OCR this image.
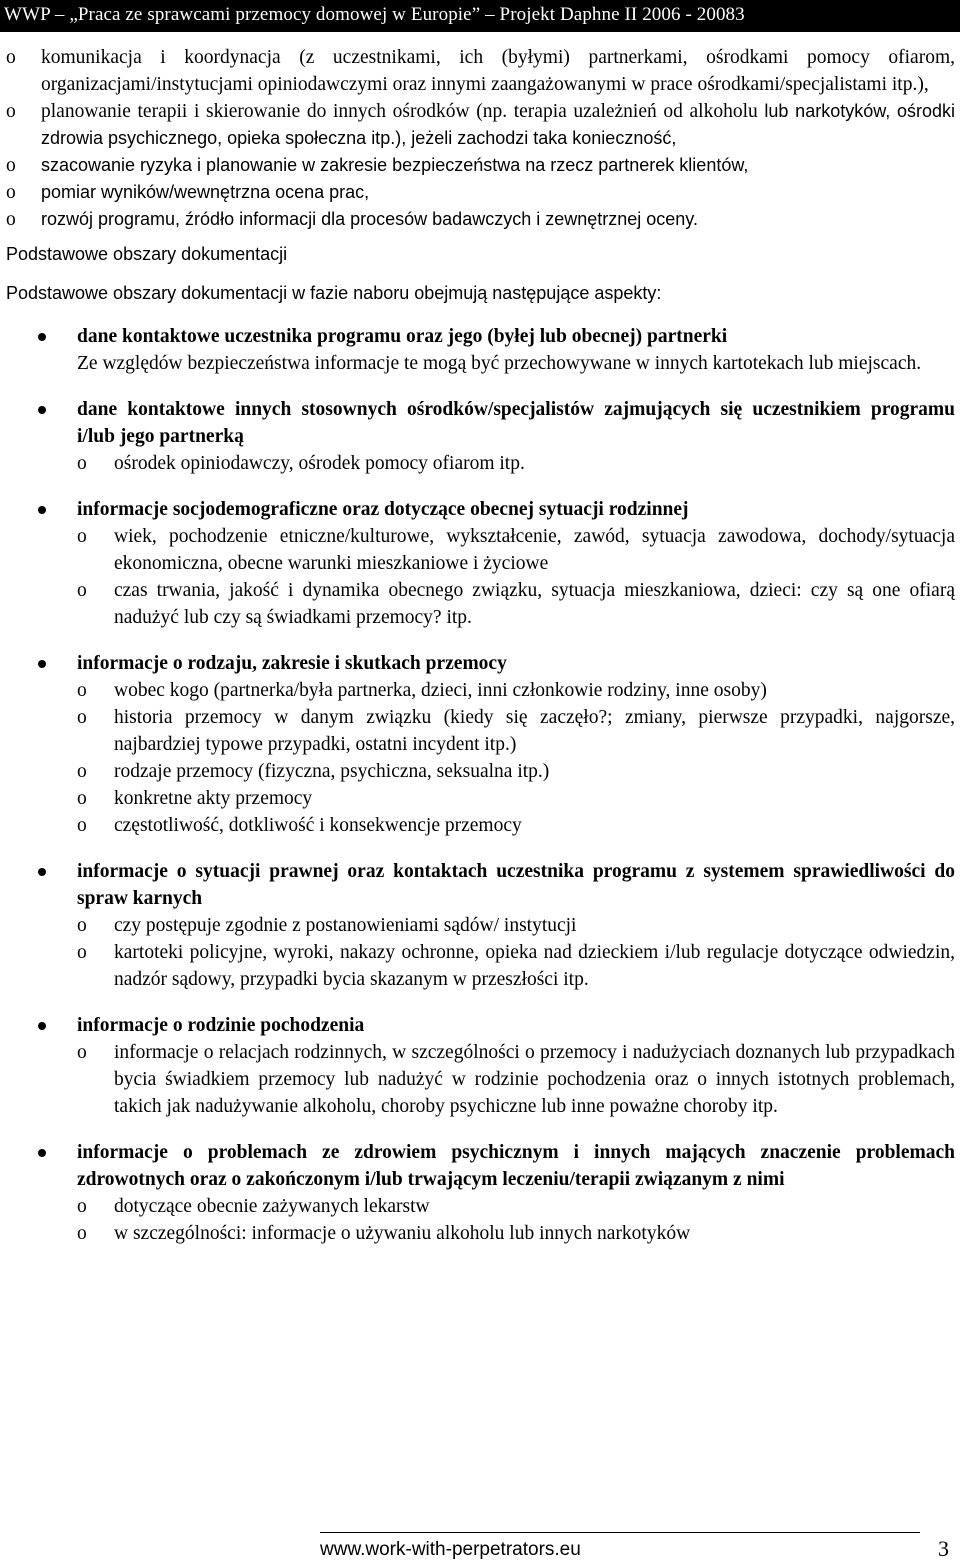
WWP – „Praca ze sprawcami przemocy domowej w Europie” – Projekt Daphne II 2006 - 20083
o	komunikacja i koordynacja (z uczestnikami, ich (byłymi) partnerkami, ośrodkami pomocy ofiarom, organizacjami/instytucjami opiniodawczymi oraz innymi zaangażowanymi w prace ośrodkami/specjalistami itp.),
o	planowanie terapii i skierowanie do innych ośrodków (np. terapia uzależnień od alkoholu lub narkotyków, ośrodki zdrowia psychicznego, opieka społeczna itp.), jeżeli zachodzi taka konieczność,
o	szacowanie ryzyka i planowanie w zakresie bezpieczeństwa na rzecz partnerek klientów,
o	pomiar wyników/wewnętrzna ocena prac,
o	rozwój programu, źródło informacji dla procesów badawczych i zewnętrznej oceny.
Podstawowe obszary dokumentacji
Podstawowe obszary dokumentacji w fazie naboru obejmują następujące aspekty:
dane kontaktowe uczestnika programu oraz jego (byłej lub obecnej) partnerki
Ze względów bezpieczeństwa informacje te mogą być przechowywane w innych kartotekach lub miejscach.
dane kontaktowe innych stosownych ośrodków/specjalistów zajmujących się uczestnikiem programu i/lub jego partnerką
o	ośrodek opiniodawczy, ośrodek pomocy ofiarom itp.
informacje socjodemograficzne oraz dotyczące obecnej sytuacji rodzinnej
o	wiek, pochodzenie etniczne/kulturowe, wykształcenie, zawód, sytuacja zawodowa, dochody/sytuacja ekonomiczna, obecne warunki mieszkaniowe i życiowe
o	czas trwania, jakość i dynamika obecnego związku, sytuacja mieszkaniowa, dzieci: czy są one ofiarą nadużyć lub czy są świadkami przemocy? itp.
informacje o rodzaju, zakresie i skutkach przemocy
o	wobec kogo (partnerka/była partnerka, dzieci, inni członkowie rodziny, inne osoby)
o	historia przemocy w danym związku (kiedy się zaczęło?; zmiany, pierwsze przypadki, najgorsze, najbardziej typowe przypadki, ostatni incydent itp.)
o	rodzaje przemocy (fizyczna, psychiczna, seksualna itp.)
o	konkretne akty przemocy
o	częstotliwość, dotkliwość i konsekwencje przemocy
informacje o sytuacji prawnej oraz kontaktach uczestnika programu z systemem sprawiedliwości do spraw karnych
o	czy postępuje zgodnie z postanowieniami sądów/ instytucji
o	kartoteki policyjne, wyroki, nakazy ochronne, opieka nad dzieckiem i/lub regulacje dotyczące odwiedzin, nadzór sądowy, przypadki bycia skazanym w przeszłości itp.
informacje o rodzinie pochodzenia
o	informacje o relacjach rodzinnych, w szczególności o przemocy i nadużyciach doznanych lub przypadkach bycia świadkiem przemocy lub nadużyć w rodzinie pochodzenia oraz o innych istotnych problemach, takich jak nadużywanie alkoholu, choroby psychiczne lub inne poważne choroby itp.
informacje o problemach ze zdrowiem psychicznym i innych mających znaczenie problemach zdrowotnych oraz o zakończonym i/lub trwającym leczeniu/terapii związanym z nimi
o	dotyczące obecnie zażywanych lekarstw
o	w szczególności: informacje o używaniu alkoholu lub innych narkotyków
www.work-with-perpetrators.eu	3
